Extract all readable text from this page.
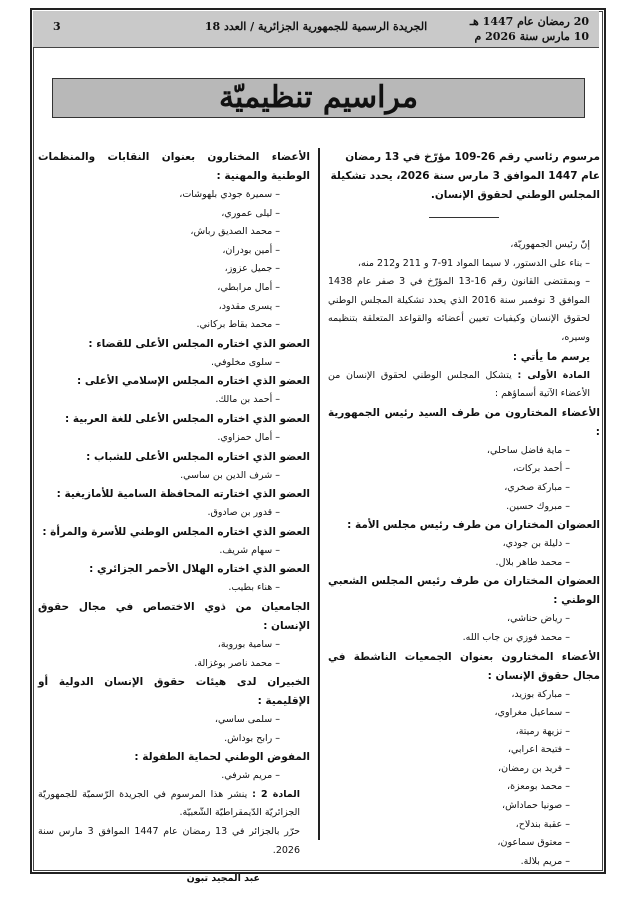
20 رمضان عام 1447 هـ
10 مارس سنة 2026 م
الجريدة الرسمية للجمهورية الجزائرية / العدد 18
3
مراسيم تنظيميّة
مرسوم رئاسي رقم 26-109 مؤرّخ في 13 رمضان عام 1447 الموافق 3 مارس سنة 2026، يحدد تشكيلة المجلس الوطني لحقوق الإنسان.
إنّ رئيس الجمهوريّة،
– بناء على الدستور، لا سيما المواد 91-7 و 211 و212 منه،
– وبمقتضى القانون رقم 16-13 المؤرّخ في 3 صفر عام 1438 الموافق 3 نوفمبر سنة 2016 الذي يحدد تشكيلة المجلس الوطني لحقوق الإنسان وكيفيات تعيين أعضائه والقواعد المتعلقة بتنظيمه وسيره،
يرسم ما يأتي :
المادة الأولى : يتشكل المجلس الوطني لحقوق الإنسان من الأعضاء الآتية أسماؤهم :
الأعضاء المختارون من طرف السيد رئيس الجمهورية :
– ماية فاضل ساحلي،
– أحمد بركات،
– مباركة صخري،
– مبروك حسين.
العضوان المختاران من طرف رئيس مجلس الأمة :
– دليلة بن جودي،
– محمد طاهر بلال.
العضوان المختاران من طرف رئيس المجلس الشعبي الوطني :
– رياض حناشي،
– محمد فوزي بن جاب الله.
الأعضاء المختارون بعنوان الجمعيات الناشطة في مجال حقوق الإنسان :
– مباركة بوزيد،
– سماعيل مغراوي،
– نزيهة رميتة،
– فتيحة اعرابي،
– فريد بن رمضان،
– محمد بومعزة،
– صونيا حماداش،
– عقبة بندلاح،
– معتوق سماعون،
– مريم بلالة.
الأعضاء المختارون بعنوان النقابات والمنظمات الوطنية والمهنية :
– سميرة جودي بلهوشات،
– ليلى عموري،
– محمد الصديق رباش،
– أمين بودران،
– جميل عزوز،
– أمال مرابطي،
– يسرى مقدود،
– محمد بقاط بركاني.
العضو الذي اختاره المجلس الأعلى للقضاء :
– سلوى مخلوفي.
العضو الذي اختاره المجلس الإسلامي الأعلى :
– أحمد بن مالك.
العضو الذي اختاره المجلس الأعلى للغة العربية :
– أمال حمزاوي.
العضو الذي اختاره المجلس الأعلى للشباب :
– شرف الدين بن ساسي.
العضو الذي اختارته المحافظة السامية للأمازيغية :
– قدور بن صادوق.
العضو الذي اختاره المجلس الوطني للأسرة والمرأة :
– سهام شريف.
العضو الذي اختاره الهلال الأحمر الجزائري :
– هناء بطيب.
الجامعيان من ذوي الاختصاص في مجال حقوق الإنسان :
– سامية بوروبة،
– محمد ناصر بوغزالة.
الخبيران لدى هيئات حقوق الإنسان الدولية أو الإقليمية :
– سلمى ساسي،
– رابح بوداش.
المفوض الوطني لحماية الطفولة :
– مريم شرفي.
المادة 2 : ينشر هذا المرسوم في الجريدة الرّسميّة للجمهوريّة الجزائريّة الدّيمقراطيّة الشّعبيّة.
حرّر بالجزائر في 13 رمضان عام 1447 الموافق 3 مارس سنة 2026.
عبد المجيد تبون
